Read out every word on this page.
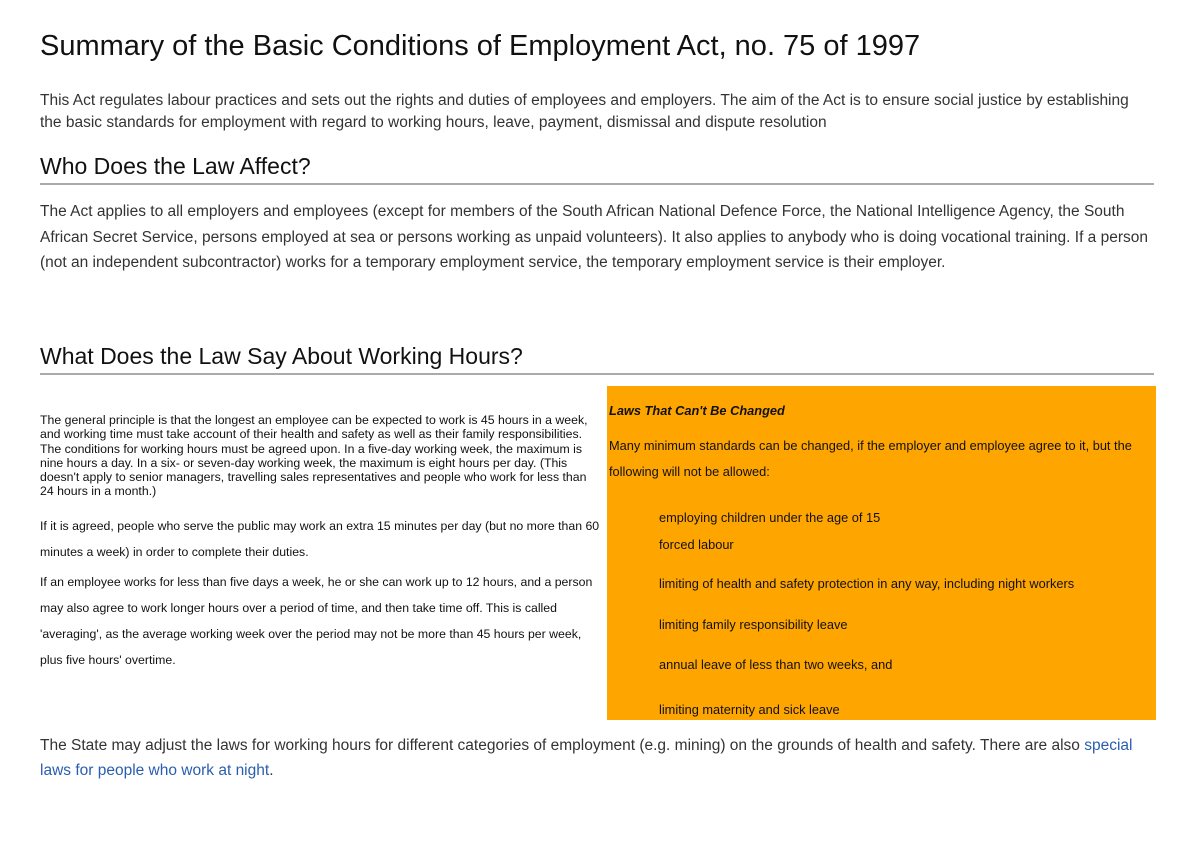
Summary of the Basic Conditions of Employment Act, no. 75 of 1997

This Act regulates labour practices and sets out the rights and duties of employees and employers. The aim of the Act is to ensure social justice by establishing the basic standards for employment with regard to working hours, leave, payment, dismissal and dispute resolution

Who Does the Law Affect?

The Act applies to all employers and employees (except for members of the South African National Defence Force, the National Intelligence Agency, the South African Secret Service, persons employed at sea or persons working as unpaid volunteers). It also applies to anybody who is doing vocational training. If a person (not an independent subcontractor) works for a temporary employment service, the temporary employment service is their employer.

What Does the Law Say About Working Hours?

The general principle is that the longest an employee can be expected to work is 45 hours in a week, and working time must take account of their health and safety as well as their family responsibilities. The conditions for working hours must be agreed upon. In a five-day working week, the maximum is nine hours a day. In a six- or seven-day working week, the maximum is eight hours per day. (This doesn't apply to senior managers, travelling sales representatives and people who work for less than 24 hours in a month.)

If it is agreed, people who serve the public may work an extra 15 minutes per day (but no more than 60 minutes a week) in order to complete their duties.

If an employee works for less than five days a week, he or she can work up to 12 hours, and a person may also agree to work longer hours over a period of time, and then take time off. This is called 'averaging', as the average working week over the period may not be more than 45 hours per week, plus five hours' overtime.

The State may adjust the laws for working hours for different categories of employment (e.g. mining) on the grounds of health and safety. There are also special laws for people who work at night.

Laws That Can't Be Changed

Many minimum standards can be changed, if the employer and employee agree to it, but the following will not be allowed:

employing children under the age of 15

forced labour

limiting of health and safety protection in any way, including night workers

limiting family responsibility leave

annual leave of less than two weeks, and

limiting maternity and sick leave
